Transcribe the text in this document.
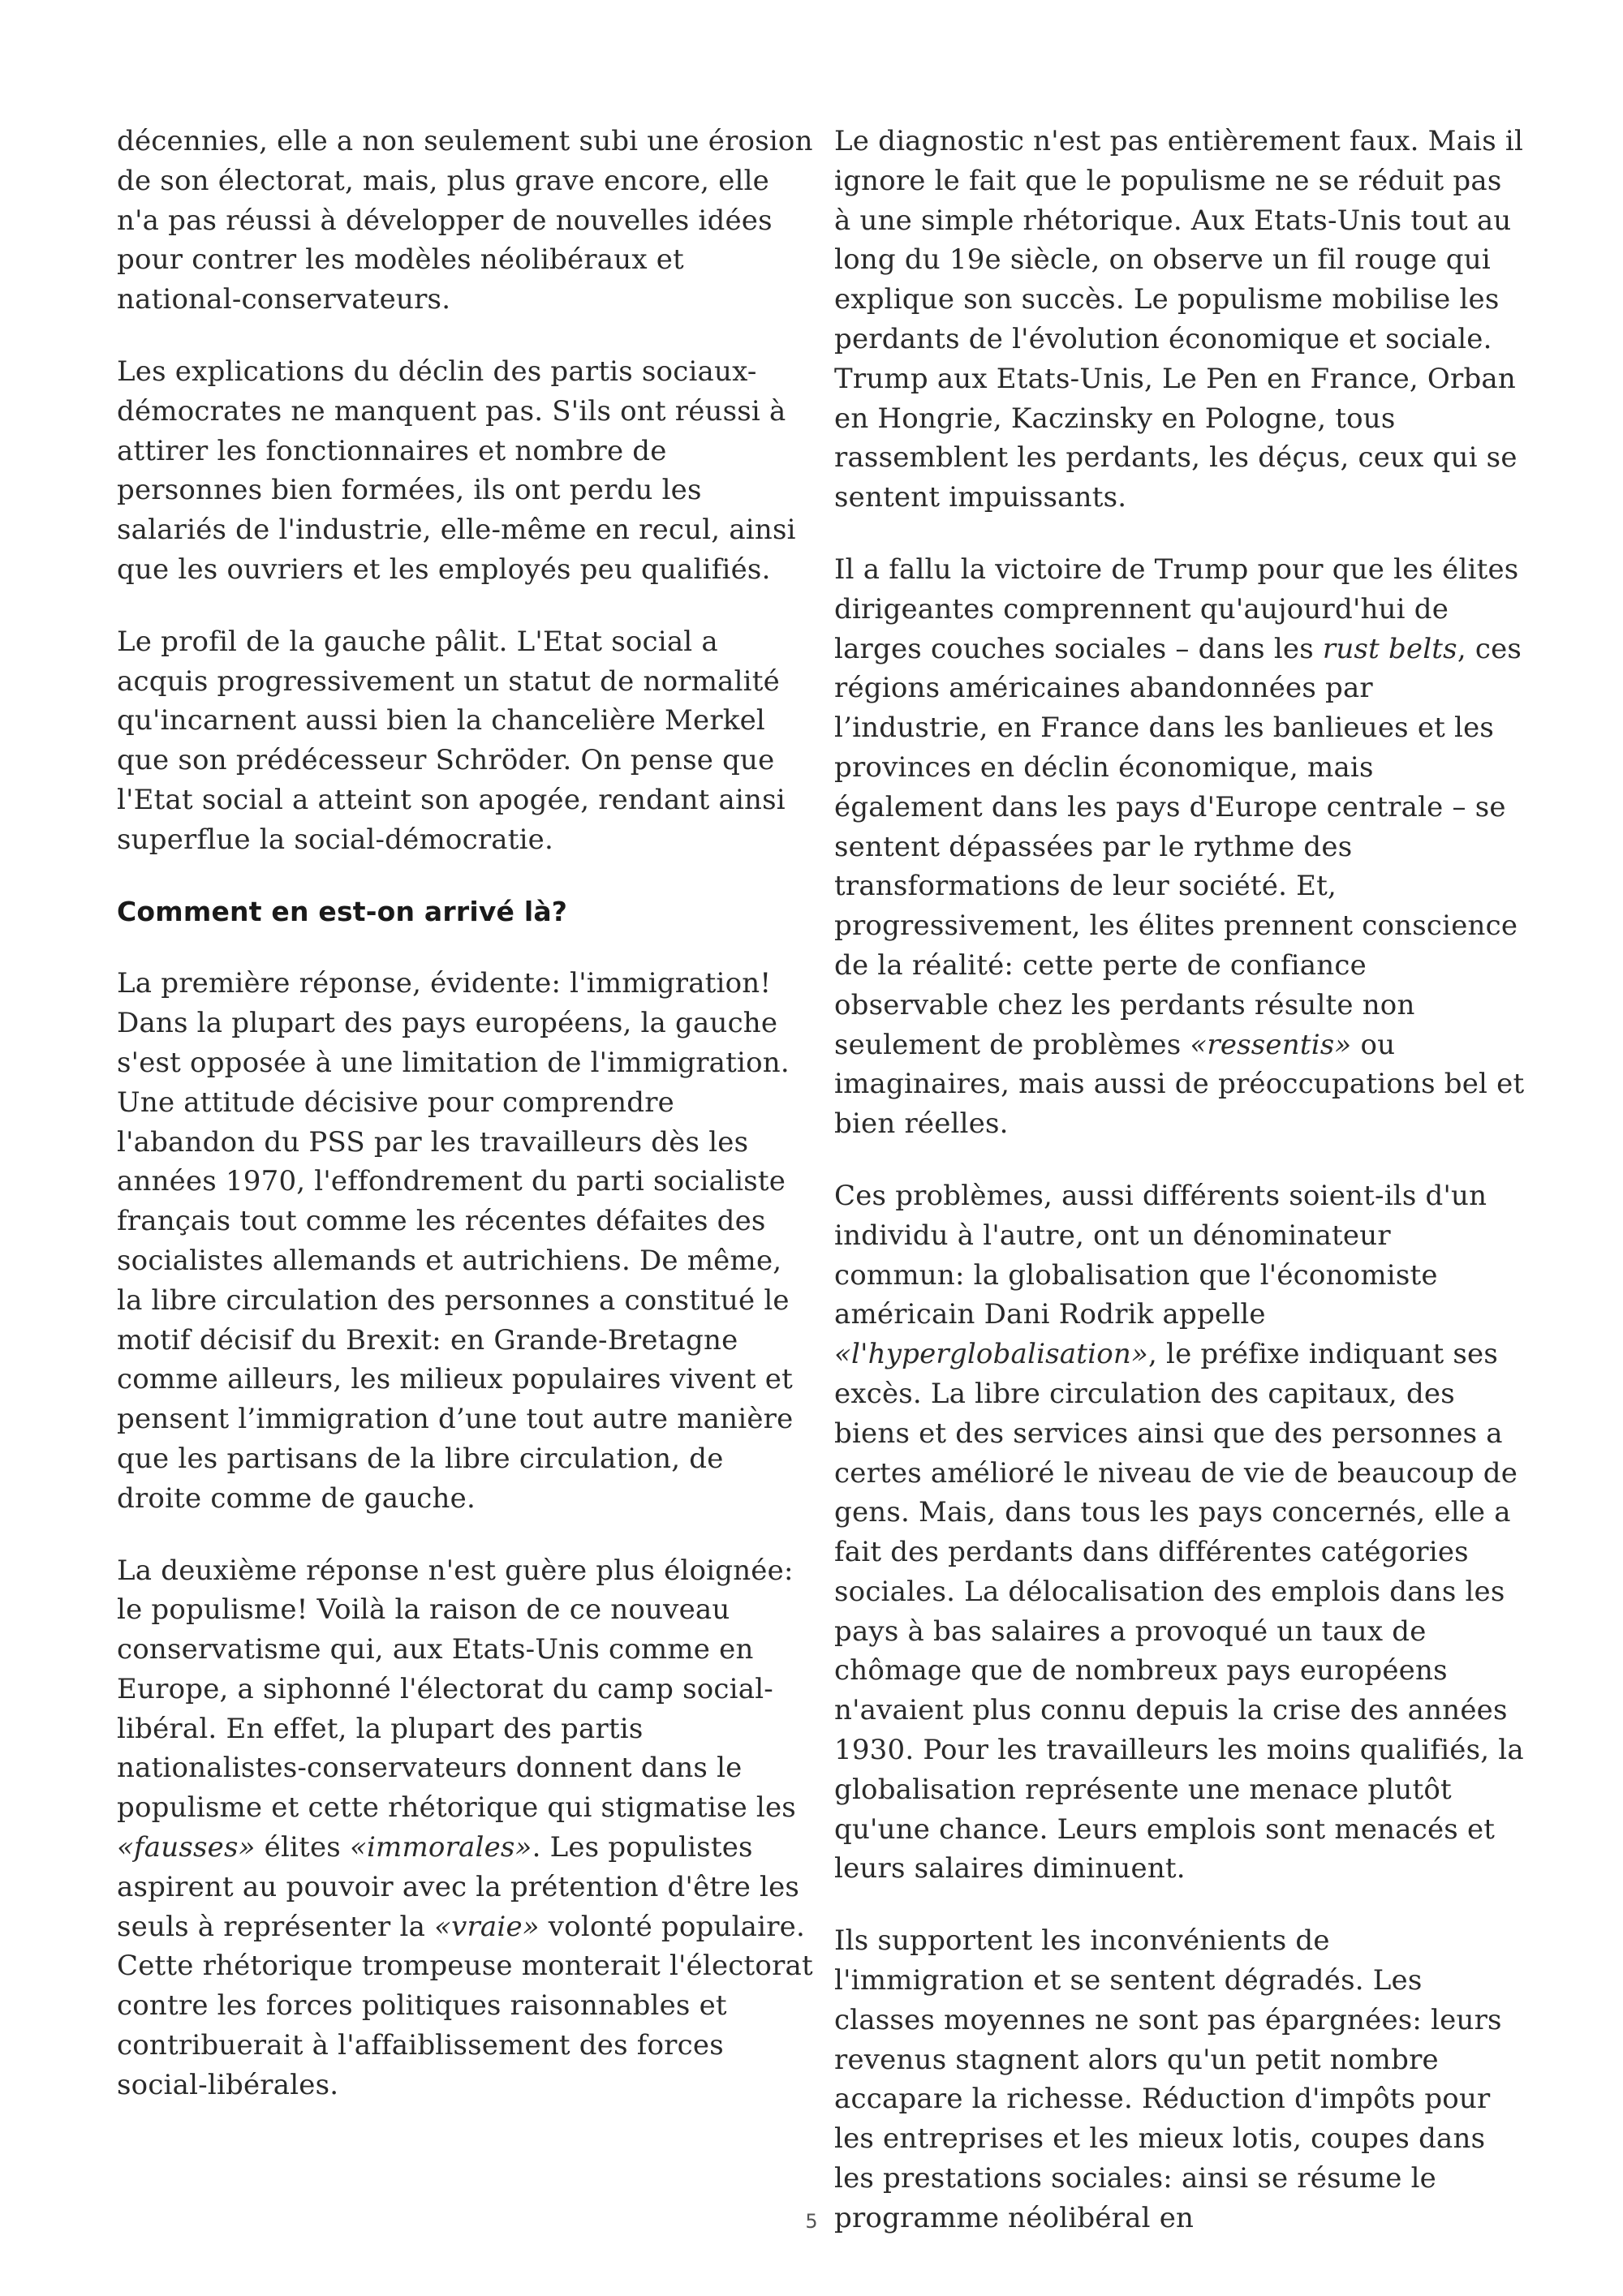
décennies, elle a non seulement subi une érosion de son électorat, mais, plus grave encore, elle n'a pas réussi à développer de nouvelles idées pour contrer les modèles néolibéraux et national-conservateurs.

Les explications du déclin des partis sociaux-démocrates ne manquent pas. S'ils ont réussi à attirer les fonctionnaires et nombre de personnes bien formées, ils ont perdu les salariés de l'industrie, elle-même en recul, ainsi que les ouvriers et les employés peu qualifiés.

Le profil de la gauche pâlit. L'Etat social a acquis progressivement un statut de normalité qu'incarnent aussi bien la chancelière Merkel que son prédécesseur Schröder. On pense que l'Etat social a atteint son apogée, rendant ainsi superflue la social-démocratie.

Comment en est-on arrivé là?

La première réponse, évidente: l'immigration! Dans la plupart des pays européens, la gauche s'est opposée à une limitation de l'immigration. Une attitude décisive pour comprendre l'abandon du PSS par les travailleurs dès les années 1970, l'effondrement du parti socialiste français tout comme les récentes défaites des socialistes allemands et autrichiens. De même, la libre circulation des personnes a constitué le motif décisif du Brexit: en Grande-Bretagne comme ailleurs, les milieux populaires vivent et pensent l’immigration d’une tout autre manière que les partisans de la libre circulation, de droite comme de gauche.

La deuxième réponse n'est guère plus éloignée: le populisme! Voilà la raison de ce nouveau conservatisme qui, aux Etats-Unis comme en Europe, a siphonné l'électorat du camp social-libéral. En effet, la plupart des partis nationalistes-conservateurs donnent dans le populisme et cette rhétorique qui stigmatise les «fausses» élites «immorales». Les populistes aspirent au pouvoir avec la prétention d'être les seuls à représenter la «vraie» volonté populaire. Cette rhétorique trompeuse monterait l'électorat contre les forces politiques raisonnables et contribuerait à l'affaiblissement des forces social-libérales.

Le diagnostic n'est pas entièrement faux. Mais il ignore le fait que le populisme ne se réduit pas à une simple rhétorique. Aux Etats-Unis tout au long du 19e siècle, on observe un fil rouge qui explique son succès. Le populisme mobilise les perdants de l'évolution économique et sociale. Trump aux Etats-Unis, Le Pen en France, Orban en Hongrie, Kaczinsky en Pologne, tous rassemblent les perdants, les déçus, ceux qui se sentent impuissants.

Il a fallu la victoire de Trump pour que les élites dirigeantes comprennent qu'aujourd'hui de larges couches sociales – dans les rust belts, ces régions américaines abandonnées par l’industrie, en France dans les banlieues et les provinces en déclin économique, mais également dans les pays d'Europe centrale – se sentent dépassées par le rythme des transformations de leur société. Et, progressivement, les élites prennent conscience de la réalité: cette perte de confiance observable chez les perdants résulte non seulement de problèmes «ressentis» ou imaginaires, mais aussi de préoccupations bel et bien réelles.

Ces problèmes, aussi différents soient-ils d'un individu à l'autre, ont un dénominateur commun: la globalisation que l'économiste américain Dani Rodrik appelle «l'hyperglobalisation», le préfixe indiquant ses excès. La libre circulation des capitaux, des biens et des services ainsi que des personnes a certes amélioré le niveau de vie de beaucoup de gens. Mais, dans tous les pays concernés, elle a fait des perdants dans différentes catégories sociales. La délocalisation des emplois dans les pays à bas salaires a provoqué un taux de chômage que de nombreux pays européens n'avaient plus connu depuis la crise des années 1930. Pour les travailleurs les moins qualifiés, la globalisation représente une menace plutôt qu'une chance. Leurs emplois sont menacés et leurs salaires diminuent.

Ils supportent les inconvénients de l'immigration et se sentent dégradés. Les classes moyennes ne sont pas épargnées: leurs revenus stagnent alors qu'un petit nombre accapare la richesse. Réduction d'impôts pour les entreprises et les mieux lotis, coupes dans les prestations sociales: ainsi se résume le programme néolibéral en

5
